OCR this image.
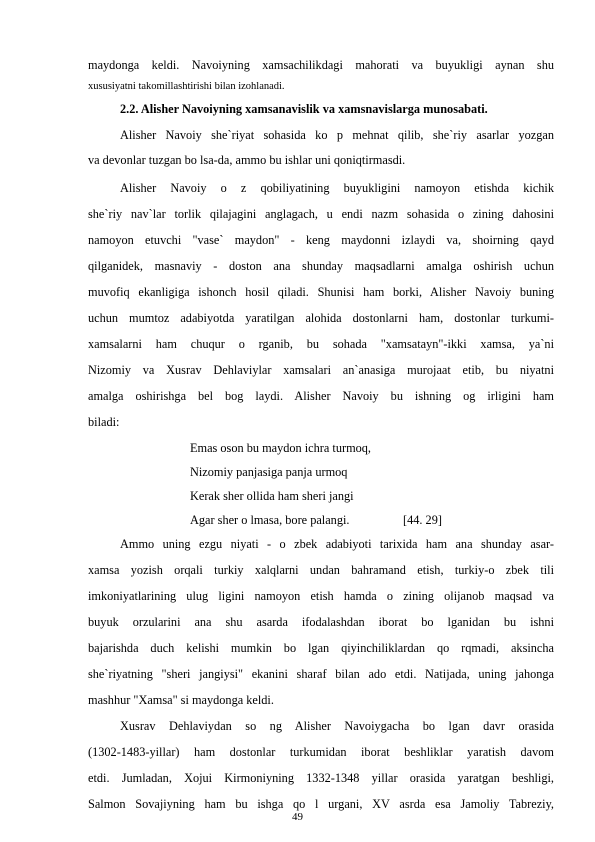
maydonga keldi. Navoiyning xamsachilikdagi mahorati va buyukligi aynan shu
xususiyatni takomillashtirishi bilan izohlanadi.
2.2. Alisher Navoiyning xamsanavislik va xamsnavislarga munosabati.
Alisher Navoiy she`riyat sohasida ko p mehnat qilib, she`riy asarlar yozgan
va devonlar tuzgan bo lsa-da, ammo bu ishlar uni qoniqtirmasdi.
Alisher Navoiy o z qobiliyatining buyukligini namoyon etishda kichik
she`riy nav`lar torlik qilajagini anglagach, u endi nazm sohasida o zining dahosini
namoyon etuvchi "vase` maydon" - keng maydonni izlaydi va, shoirning qayd
qilganidek, masnaviy - doston ana shunday maqsadlarni amalga oshirish uchun
muvofiq ekanligiga ishonch hosil qiladi. Shunisi ham borki, Alisher Navoiy buning
uchun mumtoz adabiyotda yaratilgan alohida dostonlarni ham, dostonlar turkumi-
xamsalarni ham chuqur o rganib, bu sohada "xamsatayn"-ikki xamsa, ya`ni
Nizomiy va Xusrav Dehlaviylar xamsalari an`anasiga murojaat etib, bu niyatni
amalga oshirishga bel bog laydi. Alisher Navoiy bu ishning og irligini ham
biladi:
Emas oson bu maydon ichra turmoq,
Nizomiy panjasiga panja urmoq
Kerak sher ollida ham sheri jangi
Agar sher o lmasa, bore palangi.	[44. 29]
Ammo uning ezgu niyati - o zbek adabiyoti tarixida ham ana shunday asar-
xamsa yozish orqali turkiy xalqlarni undan bahramand etish, turkiy-o zbek tili
imkoniyatlarining ulug ligini namoyon etish hamda o zining olijanob maqsad va
buyuk orzularini ana shu asarda ifodalashdan iborat bo lganidan bu ishni
bajarishda duch kelishi mumkin bo lgan qiyinchiliklardan qo rqmadi, aksincha
she`riyatning "sheri jangiysi" ekanini sharaf bilan ado etdi. Natijada, uning jahonga
mashhur "Xamsa" si maydonga keldi.
Xusrav Dehlaviydan so ng Alisher Navoiygacha bo lgan davr orasida
(1302-1483-yillar) ham dostonlar turkumidan iborat beshliklar yaratish davom
etdi. Jumladan, Xojui Kirmoniyning 1332-1348 yillar orasida yaratgan beshligi,
Salmon Sovajiyning ham bu ishga qo l urgani, XV asrda esa Jamoliy Tabreziy,
49
